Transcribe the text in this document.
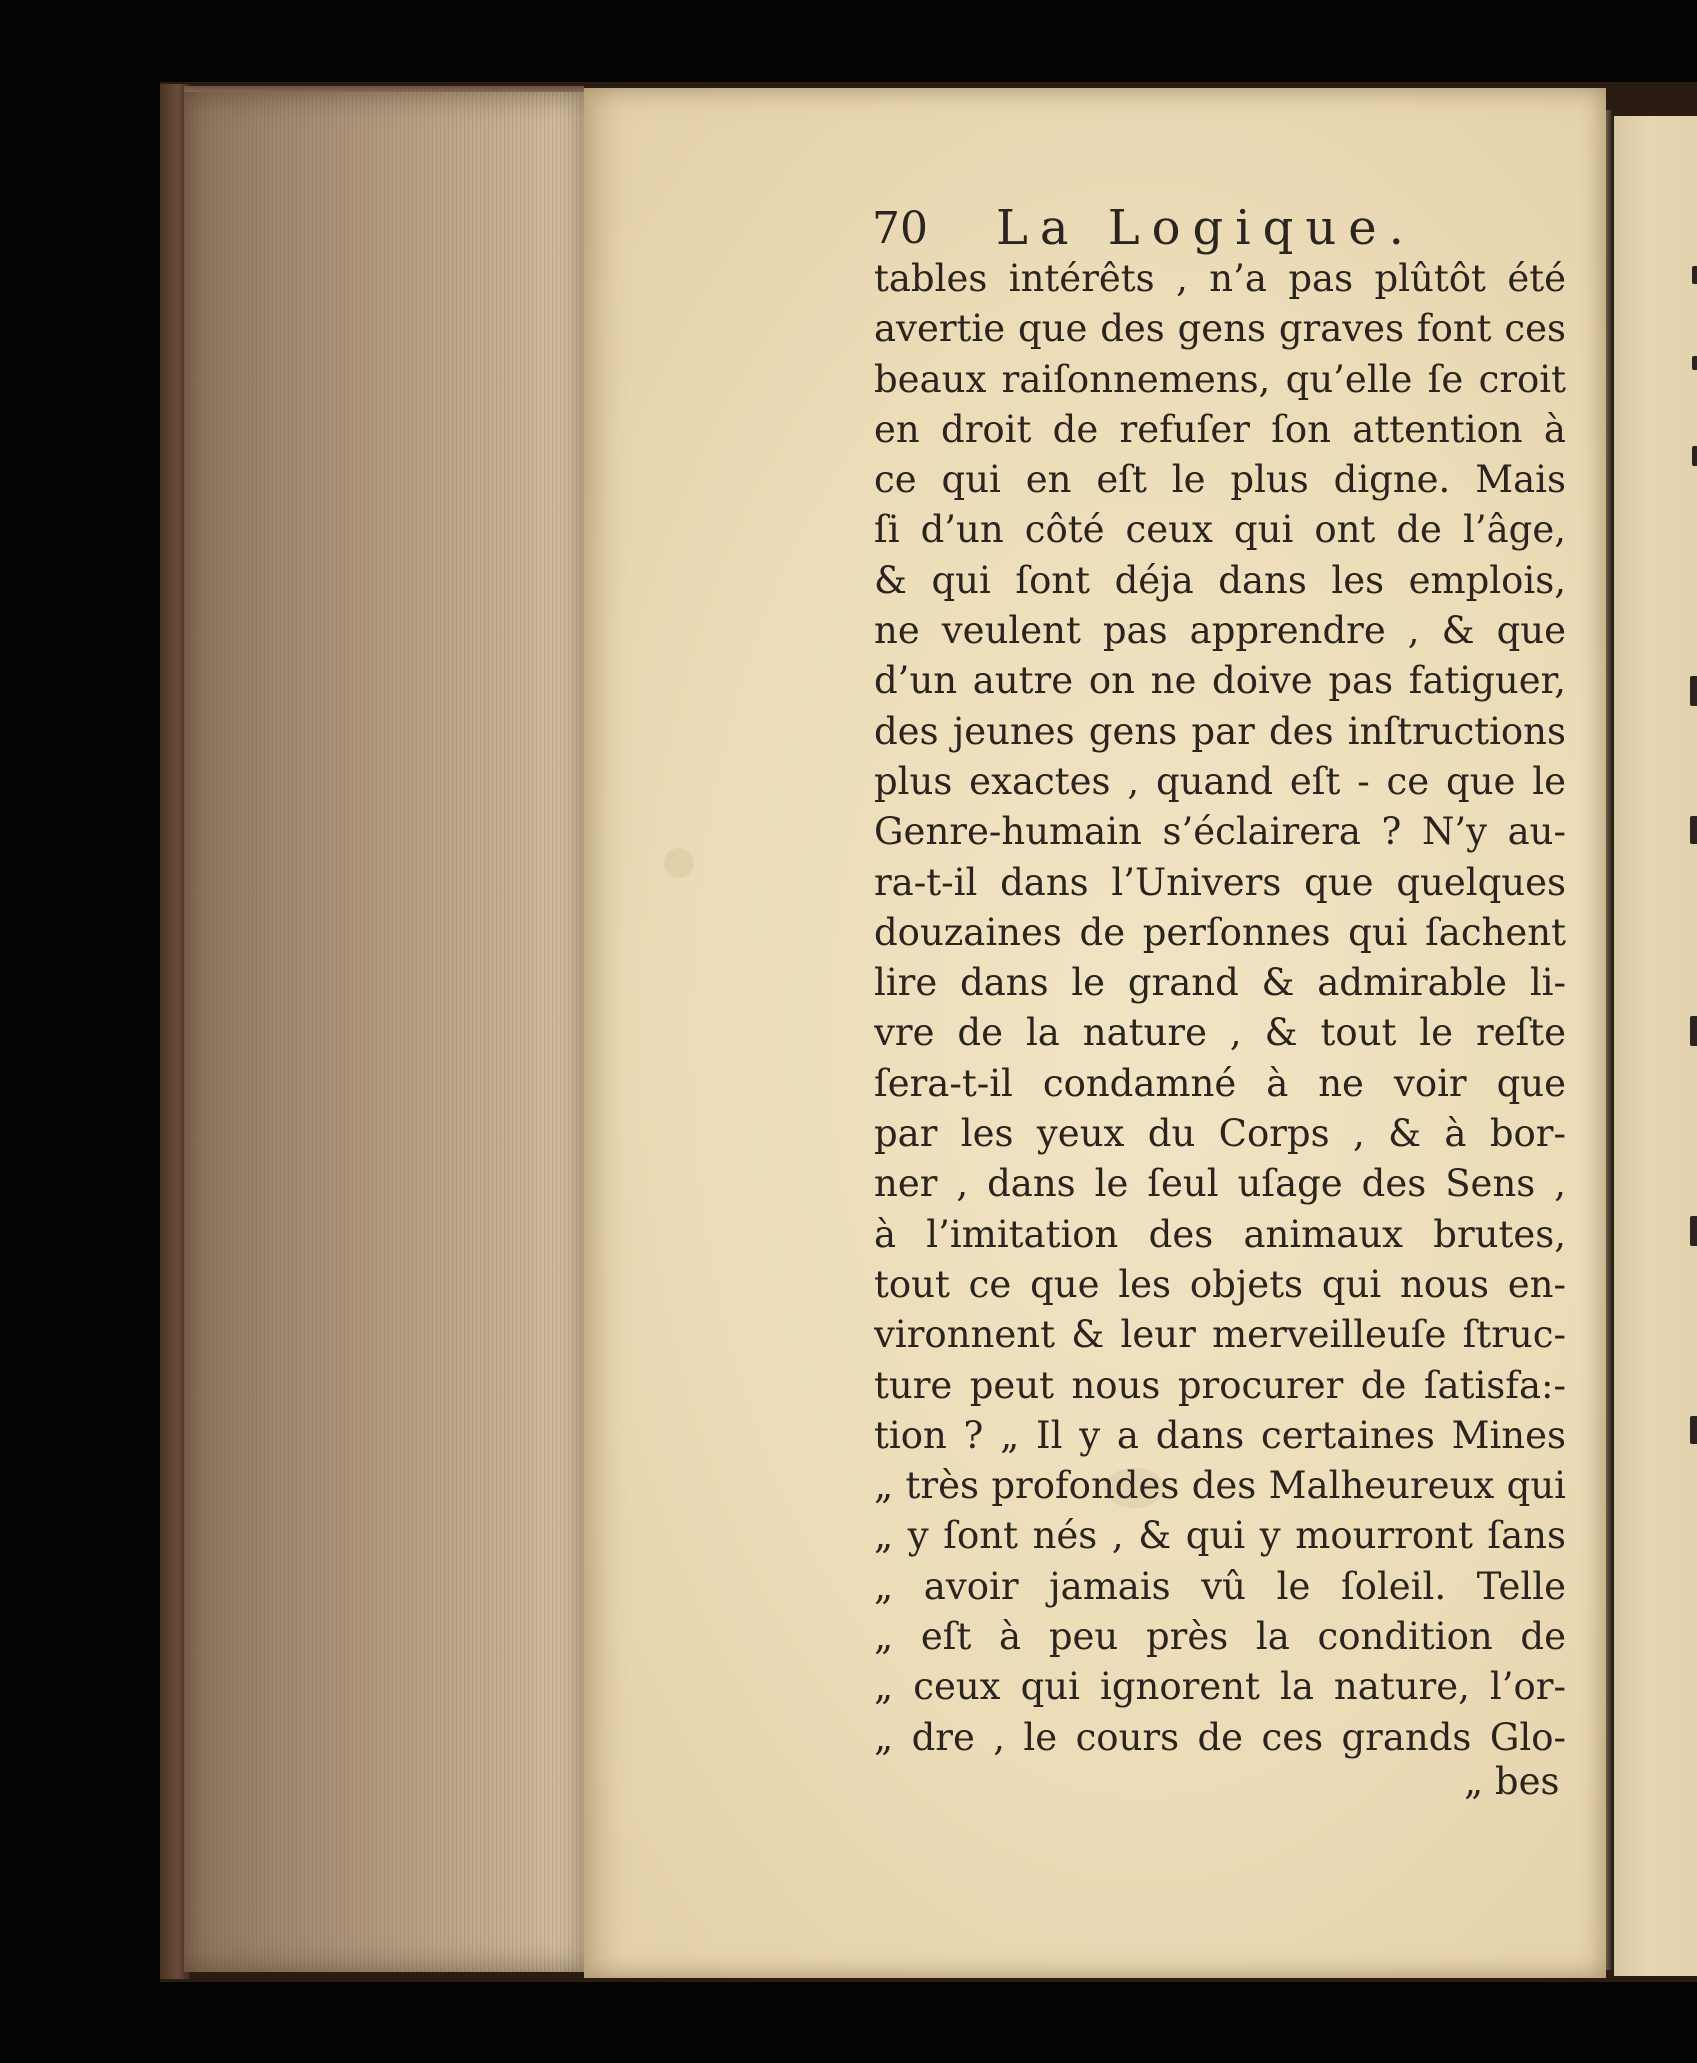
70 La Logique.
tables intérêts , n’a pas plûtôt été
avertie que des gens graves font ces
beaux raiſonnemens, qu’elle ſe croit
en droit de refuſer ſon attention à
ce qui en eſt le plus digne. Mais
ſi d’un côté ceux qui ont de l’âge,
& qui ſont déja dans les emplois,
ne veulent pas apprendre , & que
d’un autre on ne doive pas fatiguer,
des jeunes gens par des inſtructions
plus exactes , quand eſt - ce que le
Genre-humain s’éclairera ? N’y au-
ra-t-il dans l’Univers que quelques
douzaines de perſonnes qui ſachent
lire dans le grand & admirable li-
vre de la nature , & tout le reſte
ſera-t-il condamné à ne voir que
par les yeux du Corps , & à bor-
ner , dans le ſeul uſage des Sens ,
à l’imitation des animaux brutes,
tout ce que les objets qui nous en-
vironnent & leur merveilleuſe ſtruc-
ture peut nous procurer de ſatisfa:-
tion ? „ Il y a dans certaines Mines
„ très profondes des Malheureux qui
„ y ſont nés , & qui y mourront ſans
„ avoir jamais vû le ſoleil. Telle
„ eſt à peu près la condition de
„ ceux qui ignorent la nature, l’or-
„ dre , le cours de ces grands Glo-
„ bes
